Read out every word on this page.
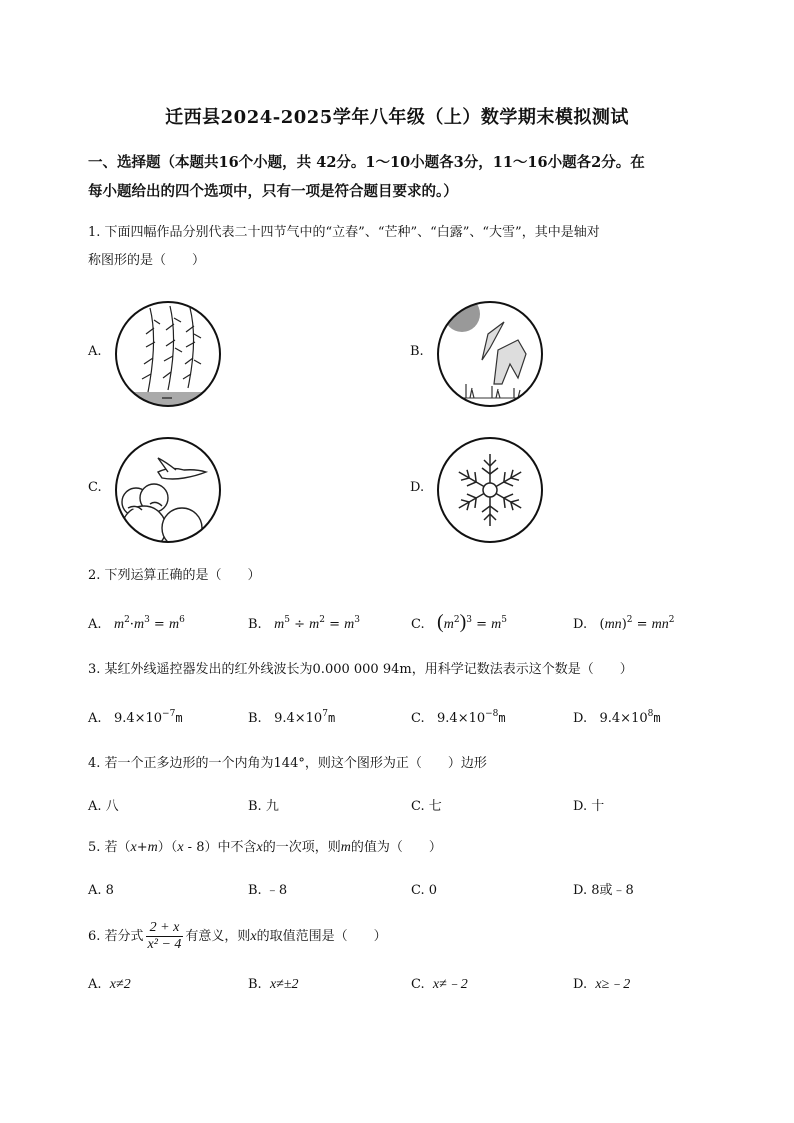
迁西县2024-2025学年八年级（上）数学期末模拟测试
一、选择题（本题共16个小题，共 42分。1～10小题各3分，11～16小题各2分。在
每小题给出的四个选项中，只有一项是符合题目要求的。）
1. 下面四幅作品分别代表二十四节气中的“立春”、“芒种”、“白露”、“大雪”，其中是轴对
称图形的是（　　）
A.	B.
C.	D.
2. 下列运算正确的是（　　）
A. $m^2\cdot m^3 = m^6$	B. $m^5 \div m^2 = m^3$	C. $(m^2)^3 = m^5$	D.   $(mn)^2 = mn^2$
3. 某红外线遥控器发出的红外线波长为0.000 000 94m，用科学记数法表示这个数是（　　）
A. $9.4\times 10^{-7}m$	B. $9.4\times 10^7m$	C. $9.4\times 10^{-8}m$	D. $9.4\times 10^8m$
4. 若一个正多边形的一个内角为144°，则这个图形为正（　　）边形
A. 八	B. 九	C. 七	D. 十
5. 若（x+m）（x - 8）中不含x的一次项，则m的值为（　　）
A. 8	B. ﹣8	C. 0	D. 8或﹣8
6. 若分式 $\frac{2 + x}{\text{x² − 4}}$ 有意义，则x的取值范围是（　　）
A. x≠2	B. x≠±2	C. x≠﹣2	D. x≥﹣2
